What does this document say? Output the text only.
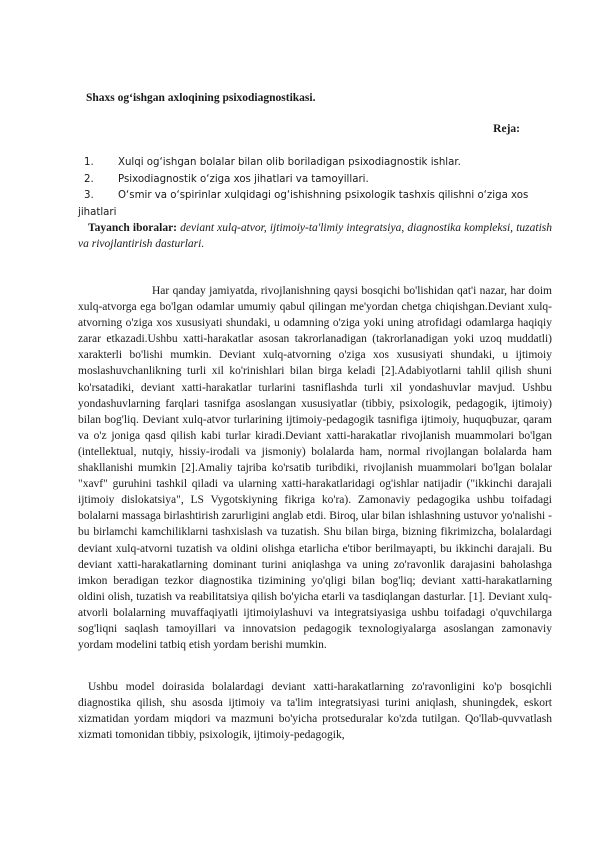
Shaxs og‘ishgan axloqining psixodiagnostikasi.
Reja:
1.	Xulqi og‘ishgan bolalar bilan olib boriladigan psixodiagnostik ishlar.
2.	Psixodiagnostik o‘ziga xos jihatlari va tamoyillari.
3. O‘smir va o‘spirinlar xulqidagi og‘ishishning psixologik tashxis qilishni o‘ziga xos jihatlari
Tayanch iboralar: deviant xulq-atvor, ijtimoiy-ta'limiy integratsiya, diagnostika kompleksi, tuzatish va rivojlantirish dasturlari.
Har qanday jamiyatda, rivojlanishning qaysi bosqichi bo'lishidan qat'i nazar, har doim xulq-atvorga ega bo'lgan odamlar umumiy qabul qilingan me'yordan chetga chiqishgan.Deviant xulq-atvorning o'ziga xos xususiyati shundaki, u odamning o'ziga yoki uning atrofidagi odamlarga haqiqiy zarar etkazadi.Ushbu xatti-harakatlar asosan takrorlanadigan (takrorlanadigan yoki uzoq muddatli) xarakterli bo'lishi mumkin. Deviant xulq-atvorning o'ziga xos xususiyati shundaki, u ijtimoiy moslashuvchanlikning turli xil ko'rinishlari bilan birga keladi [2].Adabiyotlarni tahlil qilish shuni ko'rsatadiki, deviant xatti-harakatlar turlarini tasniflashda turli xil yondashuvlar mavjud. Ushbu yondashuvlarning farqlari tasnifga asoslangan xususiyatlar (tibbiy, psixologik, pedagogik, ijtimoiy) bilan bog'liq. Deviant xulq-atvor turlarining ijtimoiy-pedagogik tasnifiga ijtimoiy, huquqbuzar, qaram va o'z joniga qasd qilish kabi turlar kiradi.Deviant xatti-harakatlar rivojlanish muammolari bo'lgan (intellektual, nutqiy, hissiy-irodali va jismoniy) bolalarda ham, normal rivojlangan bolalarda ham shakllanishi mumkin [2].Amaliy tajriba ko'rsatib turibdiki, rivojlanish muammolari bo'lgan bolalar "xavf" guruhini tashkil qiladi va ularning xatti-harakatlaridagi og'ishlar natijadir ("ikkinchi darajali ijtimoiy dislokatsiya", LS Vygotskiyning fikriga ko'ra). Zamonaviy pedagogika ushbu toifadagi bolalarni massaga birlashtirish zarurligini anglab etdi. Biroq, ular bilan ishlashning ustuvor yo'nalishi - bu birlamchi kamchiliklarni tashxislash va tuzatish. Shu bilan birga, bizning fikrimizcha, bolalardagi deviant xulq-atvorni tuzatish va oldini olishga etarlicha e'tibor berilmayapti, bu ikkinchi darajali. Bu deviant xatti-harakatlarning dominant turini aniqlashga va uning zo'ravonlik darajasini baholashga imkon beradigan tezkor diagnostika tizimining yo'qligi bilan bog'liq; deviant xatti-harakatlarning oldini olish, tuzatish va reabilitatsiya qilish bo'yicha etarli va tasdiqlangan dasturlar. [1]. Deviant xulq-atvorli bolalarning muvaffaqiyatli ijtimoiylashuvi va integratsiyasiga ushbu toifadagi o'quvchilarga sog'liqni saqlash tamoyillari va innovatsion pedagogik texnologiyalarga asoslangan zamonaviy yordam modelini tatbiq etish yordam berishi mumkin.
Ushbu model doirasida bolalardagi deviant xatti-harakatlarning zo'ravonligini ko'p bosqichli diagnostika qilish, shu asosda ijtimoiy va ta'lim integratsiyasi turini aniqlash, shuningdek, eskort xizmatidan yordam miqdori va mazmuni bo'yicha protseduralar ko'zda tutilgan. Qo'llab-quvvatlash xizmati tomonidan tibbiy, psixologik, ijtimoiy-pedagogik,
